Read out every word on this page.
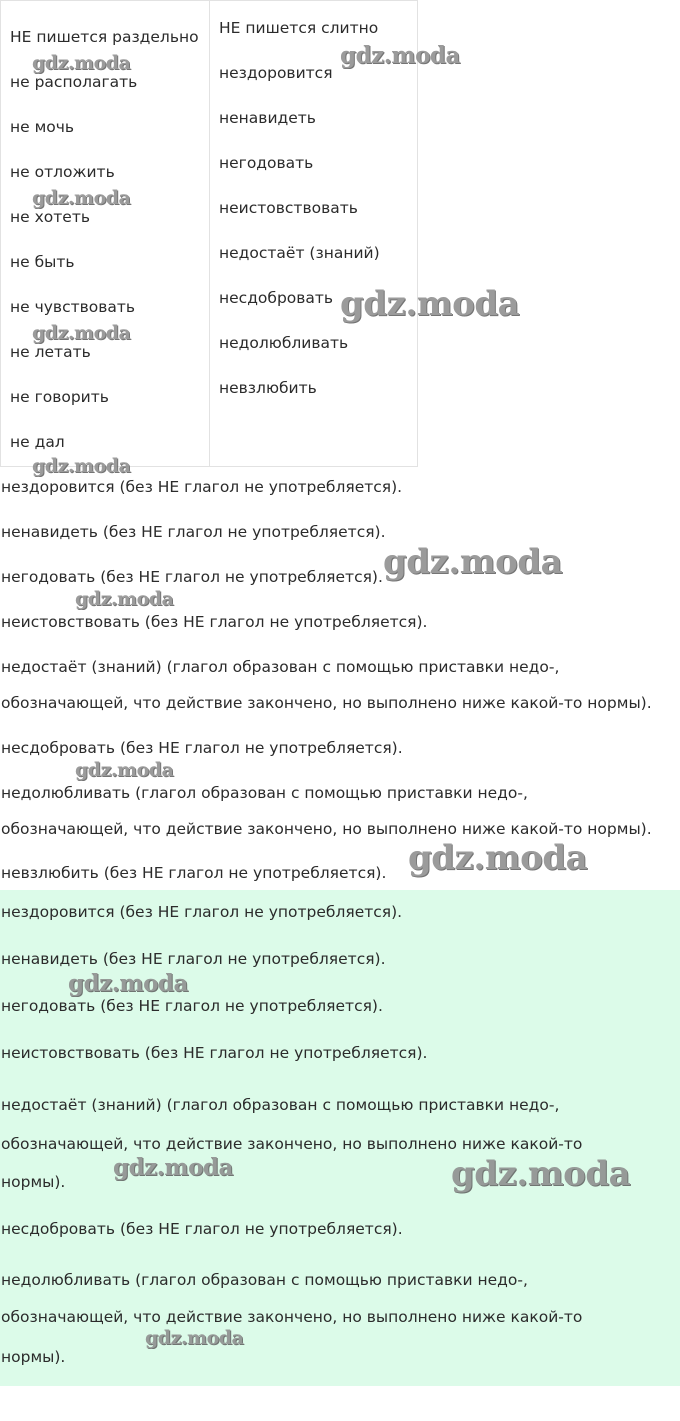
НЕ пишется раздельно
не располагать
не мочь
не отложить
не хотеть
не быть
не чувствовать
не летать
не говорить
не дал
НЕ пишется слитно
нездоровится
ненавидеть
негодовать
неистовствовать
недостаёт (знаний)
несдобровать
недолюбливать
невзлюбить
нездоровится (без НЕ глагол не употребляется).
ненавидеть (без НЕ глагол не употребляется).
негодовать (без НЕ глагол не употребляется).
неистовствовать (без НЕ глагол не употребляется).
недостаёт (знаний) (глагол образован с помощью приставки недо-,
обозначающей, что действие закончено, но выполнено ниже какой-то нормы).
несдобровать (без НЕ глагол не употребляется).
недолюбливать (глагол образован с помощью приставки недо-,
обозначающей, что действие закончено, но выполнено ниже какой-то нормы).
невзлюбить (без НЕ глагол не употребляется).
нездоровится (без НЕ глагол не употребляется).
ненавидеть (без НЕ глагол не употребляется).
негодовать (без НЕ глагол не употребляется).
неистовствовать (без НЕ глагол не употребляется).
недостаёт (знаний) (глагол образован с помощью приставки недо-,
обозначающей, что действие закончено, но выполнено ниже какой-то
нормы).
несдобровать (без НЕ глагол не употребляется).
недолюбливать (глагол образован с помощью приставки недо-,
обозначающей, что действие закончено, но выполнено ниже какой-то
нормы).
gdz.moda
gdz.moda
gdz.moda
gdz.moda
gdz.moda
gdz.moda
gdz.moda
gdz.moda
gdz.moda
gdz.moda
gdz.moda
gdz.moda	gdz.moda
gdz.moda
